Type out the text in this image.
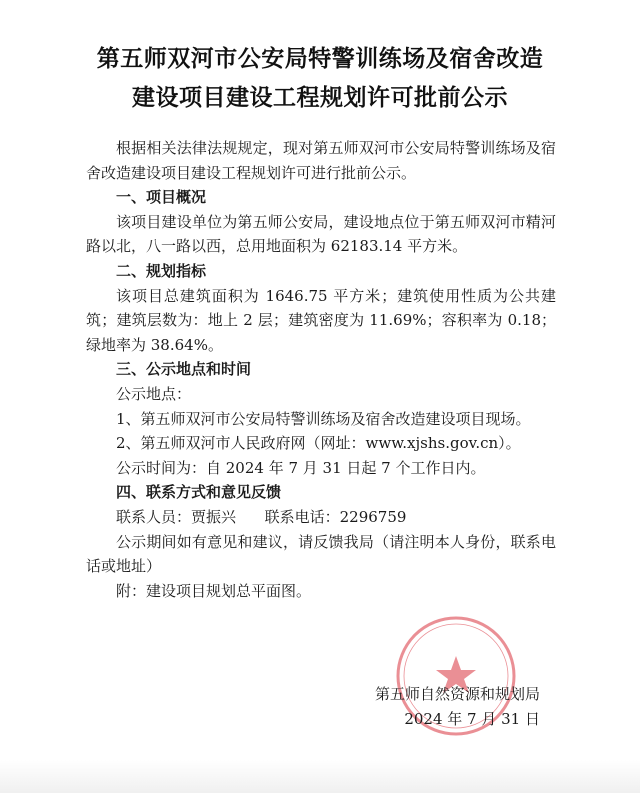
第五师双河市公安局特警训练场及宿舍改造
建设项目建设工程规划许可批前公示

根据相关法律法规规定，现对第五师双河市公安局特警训练场及宿舍改造建设项目建设工程规划许可进行批前公示。

一、项目概况

该项目建设单位为第五师公安局，建设地点位于第五师双河市精河路以北，八一路以西，总用地面积为 62183.14 平方米。

二、规划指标

该项目总建筑面积为 1646.75 平方米；建筑使用性质为公共建筑；建筑层数为：地上 2 层；建筑密度为 11.69%；容积率为 0.18；绿地率为 38.64%。

三、公示地点和时间

公示地点：

1、第五师双河市公安局特警训练场及宿舍改造建设项目现场。

2、第五师双河市人民政府网（网址：www.xjshs.gov.cn）。

公示时间为：自 2024 年 7 月 31 日起 7 个工作日内。

四、联系方式和意见反馈

联系人员：贾振兴 联系电话：2296759

公示期间如有意见和建议，请反馈我局（请注明本人身份，联系电话或地址）

附：建设项目规划总平面图。

第五师自然资源和规划局
2024 年 7 月 31 日
